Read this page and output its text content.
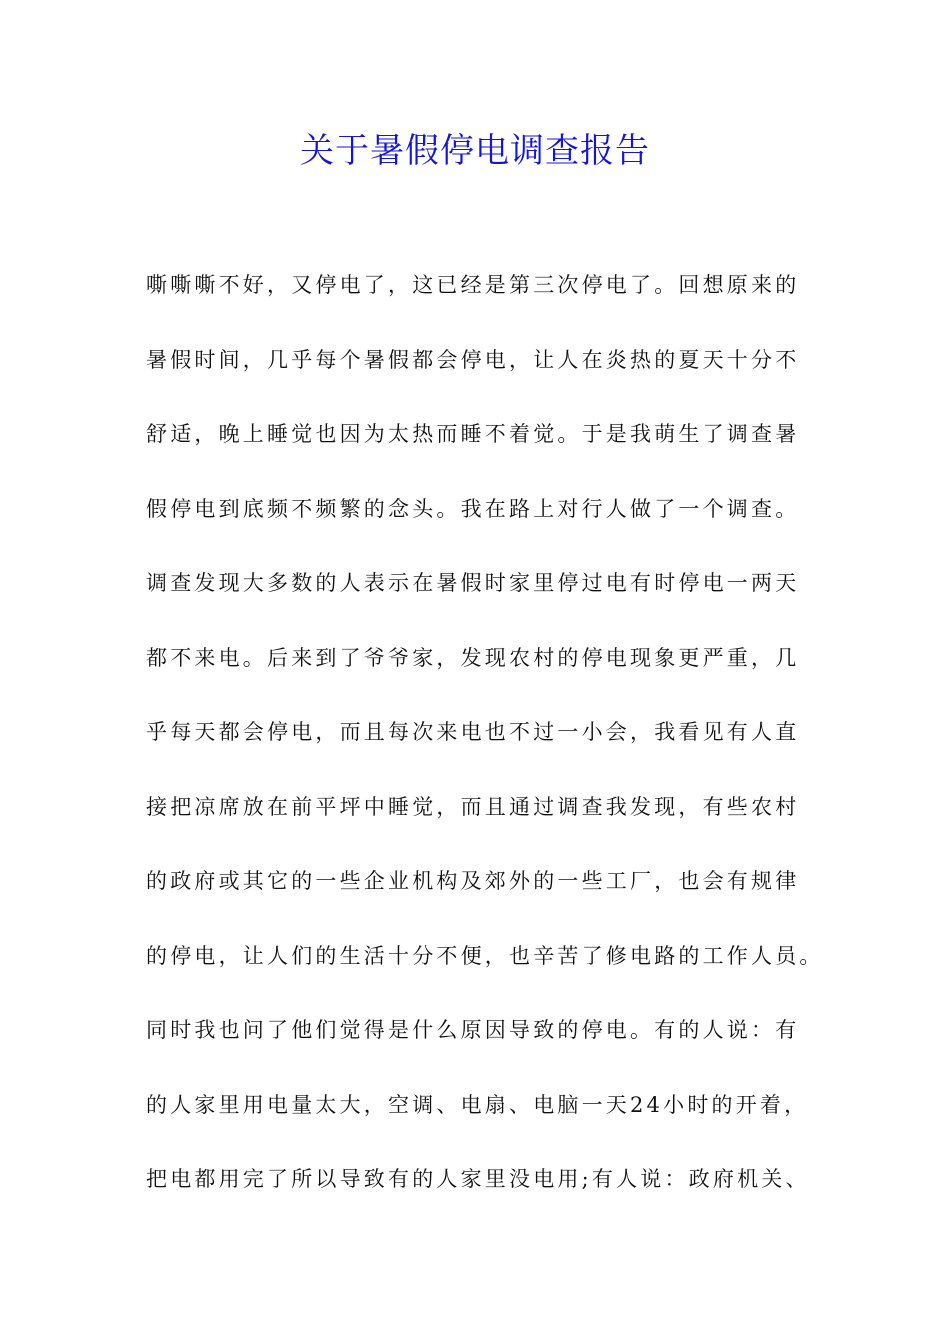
关于暑假停电调查报告
嘶嘶嘶不好，又停电了，这已经是第三次停电了。回想原来的
暑假时间，几乎每个暑假都会停电，让人在炎热的夏天十分不
舒适，晚上睡觉也因为太热而睡不着觉。于是我萌生了调查暑
假停电到底频不频繁的念头。我在路上对行人做了一个调查。
调查发现大多数的人表示在暑假时家里停过电有时停电一两天
都不来电。后来到了爷爷家，发现农村的停电现象更严重，几
乎每天都会停电，而且每次来电也不过一小会，我看见有人直
接把凉席放在前平坪中睡觉，而且通过调查我发现，有些农村
的政府或其它的一些企业机构及郊外的一些工厂，也会有规律
的停电，让人们的生活十分不便，也辛苦了修电路的工作人员。
同时我也问了他们觉得是什么原因导致的停电。有的人说：有
的人家里用电量太大，空调、电扇、电脑一天24小时的开着，
把电都用完了所以导致有的人家里没电用;有人说：政府机关、
